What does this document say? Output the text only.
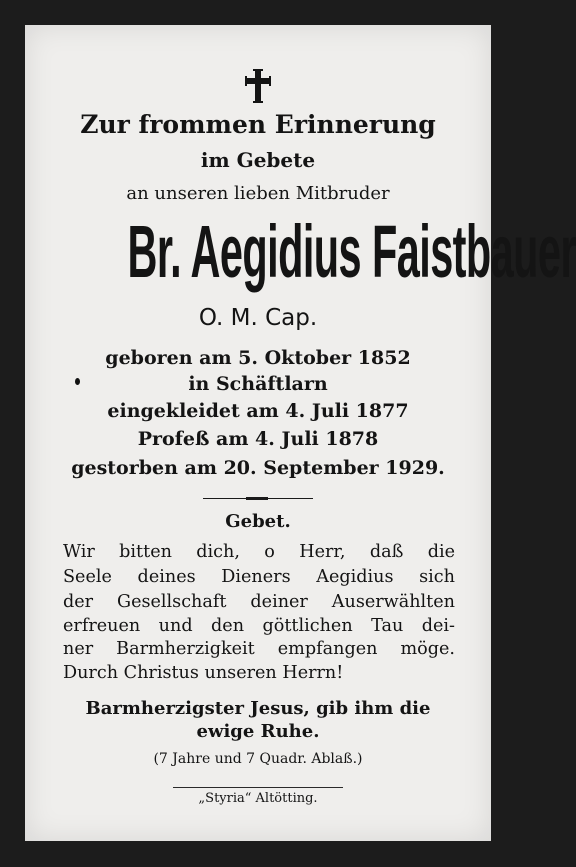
Zur frommen Erinnerung
im Gebete
an unseren lieben Mitbruder
Br. Aegidius Faistbauer
O. M. Cap.
geboren am 5. Oktober 1852
in Schäftlarn
eingekleidet am 4. Juli 1877
Profeß am 4. Juli 1878
gestorben am 20. September 1929.
Gebet.
Wir bitten dich, o Herr, daß die
Seele deines Dieners Aegidius sich
der Gesellschaft deiner Auserwählten
erfreuen und den göttlichen Tau dei-
ner Barmherzigkeit empfangen möge.
Durch Christus unseren Herrn!
Barmherzigster Jesus, gib ihm die
ewige Ruhe.
(7 Jahre und 7 Quadr. Ablaß.)
„Styria“ Altötting.
